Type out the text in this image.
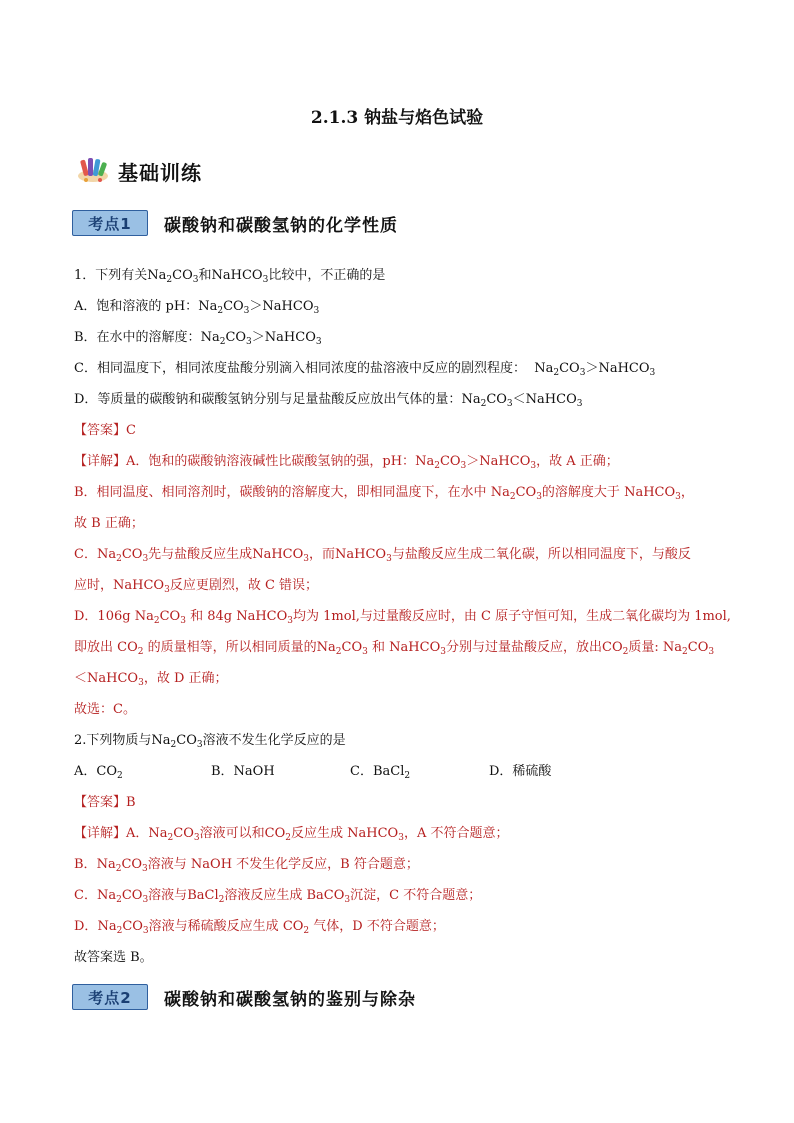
2.1.3 钠盐与焰色试验
基础训练
考点1	碳酸钠和碳酸氢钠的化学性质
1．下列有关$Na_2CO_3$和NaHCO$_3$比较中，不正确的是
A．饱和溶液的 pH：$Na_2CO_3>NaHCO_3$
B．在水中的溶解度：$Na_2CO_3>NaHCO_3$
C．相同温度下，相同浓度盐酸分别滴入相同浓度的盐溶液中反应的剧烈程度： $Na_2CO_3>NaHCO_3$
D．等质量的碳酸钠和碳酸氢钠分别与足量盐酸反应放出气体的量：$Na_2CO_3<NaHCO_3$
【答案】C
【详解】A．饱和的碳酸钠溶液碱性比碳酸氢钠的强，pH：$Na_2CO_3>NaHCO_3$，故 A 正确；
B．相同温度、相同溶剂时，碳酸钠的溶解度大，即相同温度下，在水中 $Na_2CO_3$的溶解度大于 NaHCO$_3$，
故 B 正确；
C．$Na_2CO_3$先与盐酸反应生成NaHCO$_3$，而NaHCO$_3$与盐酸反应生成二氧化碳，所以相同温度下，与酸反
应时，NaHCO$_3$反应更剧烈，故 C 错误；
D．106g $Na_2CO_3$ 和 84g NaHCO$_3$均为 1mol,与过量酸反应时，由 C 原子守恒可知，生成二氧化碳均为 1mol,
即放出 $CO_2$ 的质量相等，所以相同质量的$Na_2CO_3$ 和 NaHCO$_3$分别与过量盐酸反应，放出$CO_2$质量: $Na_2CO_3$
＜NaHCO$_3$，故 D 正确；
故选：C。
2.下列物质与$Na_2CO_3$溶液不发生化学反应的是
A．$CO_2$	B．NaOH	C．BaCl$_2$	D．稀硫酸
【答案】B
【详解】A．$Na_2CO_3$溶液可以和$CO_2$反应生成 NaHCO$_3$，A 不符合题意；
B．$Na_2CO_3$溶液与 NaOH 不发生化学反应，B 符合题意；
C．$Na_2CO_3$溶液与BaCl$_2$溶液反应生成 BaCO$_3$沉淀，C 不符合题意；
D．$Na_2CO_3$溶液与稀硫酸反应生成 $CO_2$ 气体，D 不符合题意；
故答案选 B。
考点2	碳酸钠和碳酸氢钠的鉴别与除杂
